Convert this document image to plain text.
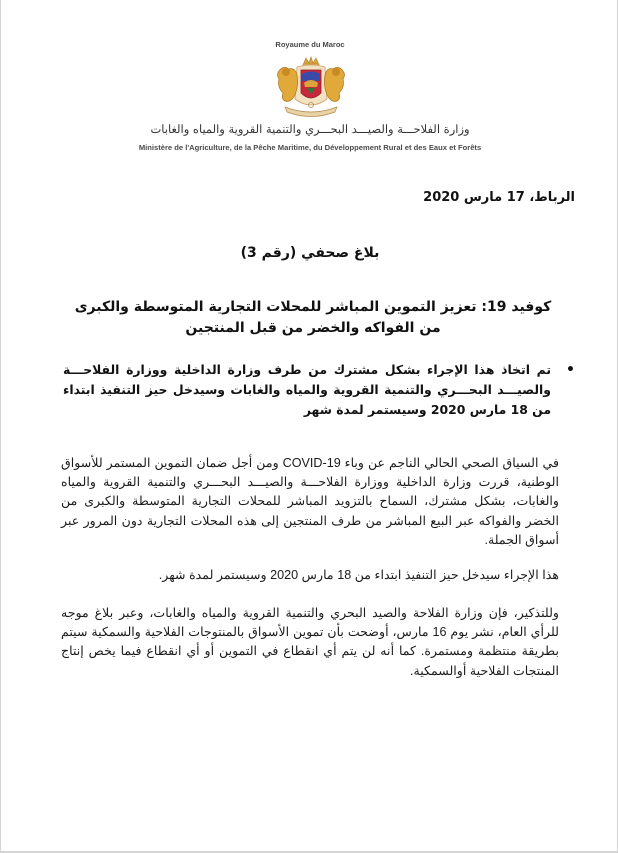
Royaume du Maroc
وزارة الفلاحـــة والصيـــد البحـــري والتنمية القروية والمياه والغابات
Ministère de l'Agriculture, de la Pêche Maritime, du Développement Rural et des Eaux et Forêts
الرباط، 17 مارس 2020
بلاغ صحفي (رقم 3)
كوفيد 19: تعزيز التموين المباشر للمحلات التجارية المتوسطة والكبرى من الفواكه والخضر من قبل المنتجين
•
تم اتخاذ هذا الإجراء بشكل مشترك من طرف وزارة الداخلية ووزارة الفلاحـــة والصيـــد البحـــري والتنمية القروية والمياه والغابات وسيدخل حيز التنفيذ ابتداء من 18 مارس 2020 وسيستمر لمدة شهر
في السياق الصحي الحالي الناجم عن وباء COVID-19 ومن أجل ضمان التموين المستمر للأسواق الوطنية، قررت وزارة الداخلية ووزارة الفلاحـــة والصيـــد البحـــري والتنمية القروية والمياه والغابات، بشكل مشترك، السماح بالتزويد المباشر للمحلات التجارية المتوسطة والكبرى من الخضر والفواكه عبر البيع المباشر من طرف المنتجين إلى هذه المحلات التجارية دون المرور عبر أسواق الجملة.
هذا الإجراء سيدخل حيز التنفيذ ابتداء من 18 مارس 2020 وسيستمر لمدة شهر.
وللتذكير، فإن وزارة الفلاحة والصيد البحري والتنمية القروية والمياه والغابات، وعبر بلاغ موجه للرأي العام، نشر يوم 16 مارس، أوضحت بأن تموين الأسواق بالمنتوجات الفلاحية والسمكية سيتم بطريقة منتظمة ومستمرة. كما أنه لن يتم أي انقطاع في التموين أو أي انقطاع فيما يخص إنتاج المنتجات الفلاحية أوالسمكية.
